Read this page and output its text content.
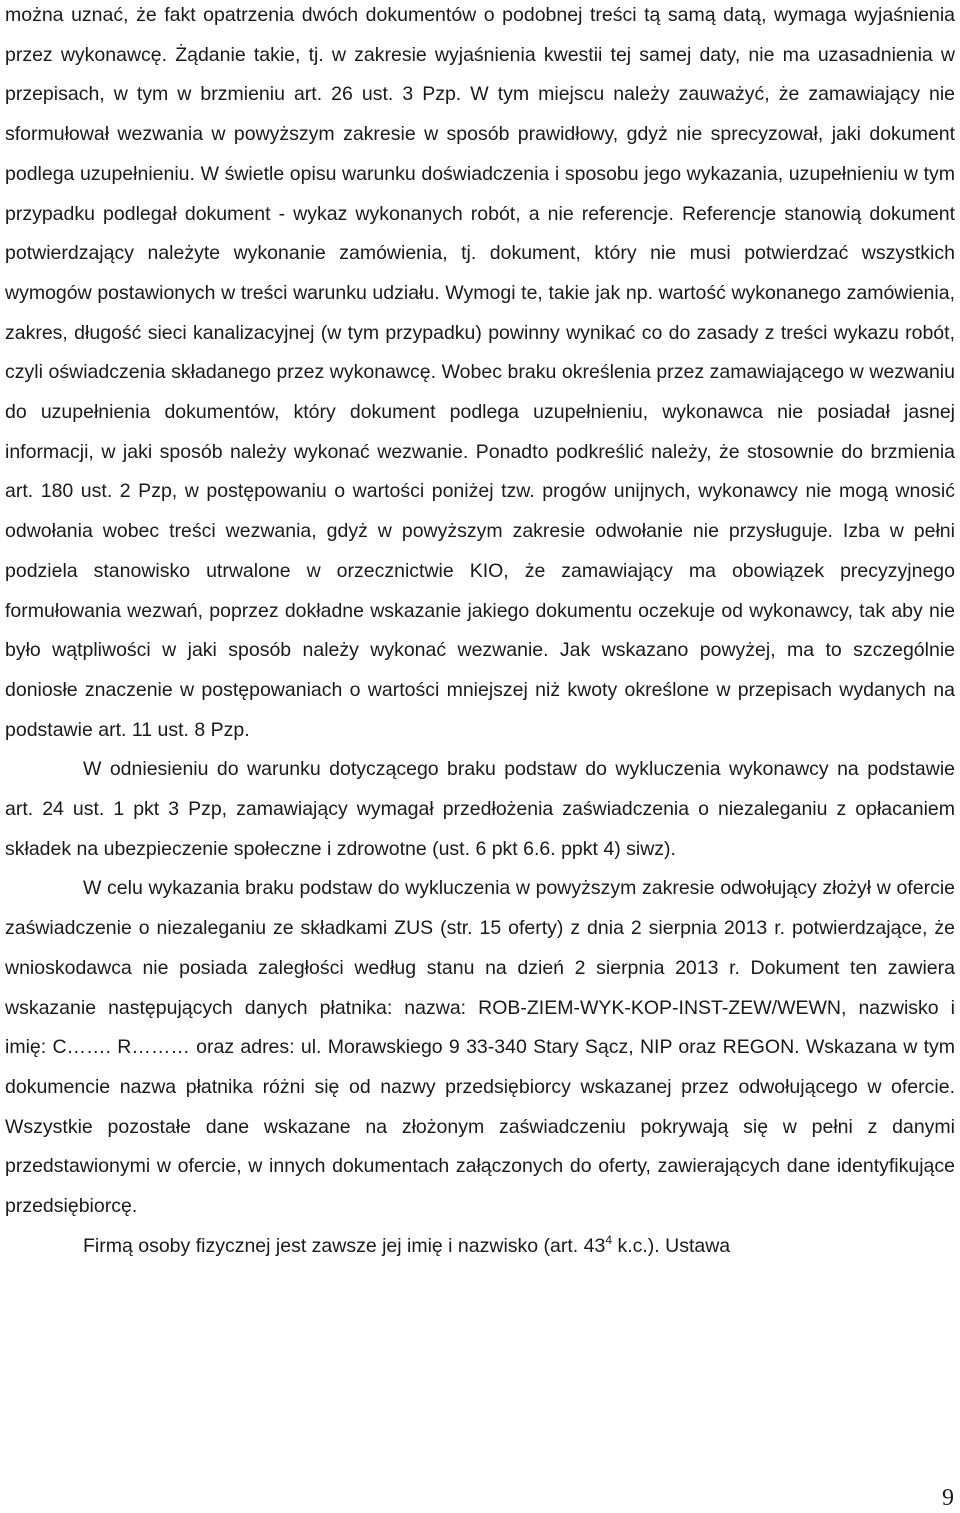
można uznać, że fakt opatrzenia dwóch dokumentów o podobnej treści tą samą datą, wymaga wyjaśnienia przez wykonawcę. Żądanie takie, tj. w zakresie wyjaśnienia kwestii tej samej daty, nie ma uzasadnienia w przepisach, w tym w brzmieniu art. 26 ust. 3 Pzp. W tym miejscu należy zauważyć, że zamawiający nie sformułował wezwania w powyższym zakresie w sposób prawidłowy, gdyż nie sprecyzował, jaki dokument podlega uzupełnieniu. W świetle opisu warunku doświadczenia i sposobu jego wykazania, uzupełnieniu w tym przypadku podlegał dokument - wykaz wykonanych robót, a nie referencje. Referencje stanowią dokument potwierdzający należyte wykonanie zamówienia, tj. dokument, który nie musi potwierdzać wszystkich wymogów postawionych w treści warunku udziału. Wymogi te, takie jak np. wartość wykonanego zamówienia, zakres, długość sieci kanalizacyjnej (w tym przypadku) powinny wynikać co do zasady z treści wykazu robót, czyli oświadczenia składanego przez wykonawcę. Wobec braku określenia przez zamawiającego w wezwaniu do uzupełnienia dokumentów, który dokument podlega uzupełnieniu, wykonawca nie posiadał jasnej informacji, w jaki sposób należy wykonać wezwanie. Ponadto podkreślić należy, że stosownie do brzmienia art. 180 ust. 2 Pzp, w postępowaniu o wartości poniżej tzw. progów unijnych, wykonawcy nie mogą wnosić odwołania wobec treści wezwania, gdyż w powyższym zakresie odwołanie nie przysługuje. Izba w pełni podziela stanowisko utrwalone w orzecznictwie KIO, że zamawiający ma obowiązek precyzyjnego formułowania wezwań, poprzez dokładne wskazanie jakiego dokumentu oczekuje od wykonawcy, tak aby nie było wątpliwości w jaki sposób należy wykonać wezwanie. Jak wskazano powyżej, ma to szczególnie doniosłe znaczenie w postępowaniach o wartości mniejszej niż kwoty określone w przepisach wydanych na podstawie art. 11 ust. 8 Pzp.

W odniesieniu do warunku dotyczącego braku podstaw do wykluczenia wykonawcy na podstawie art. 24 ust. 1 pkt 3 Pzp, zamawiający wymagał przedłożenia zaświadczenia o niezaleganiu z opłacaniem składek na ubezpieczenie społeczne i zdrowotne (ust. 6 pkt 6.6. ppkt 4) siwz).

W celu wykazania braku podstaw do wykluczenia w powyższym zakresie odwołujący złożył w ofercie zaświadczenie o niezaleganiu ze składkami ZUS (str. 15 oferty) z dnia 2 sierpnia 2013 r. potwierdzające, że wnioskodawca nie posiada zaległości według stanu na dzień 2 sierpnia 2013 r. Dokument ten zawiera wskazanie następujących danych płatnika: nazwa: ROB-ZIEM-WYK-KOP-INST-ZEW/WEWN, nazwisko i imię: C……. R……… oraz adres: ul. Morawskiego 9 33-340 Stary Sącz, NIP oraz REGON. Wskazana w tym dokumencie nazwa płatnika różni się od nazwy przedsiębiorcy wskazanej przez odwołującego w ofercie. Wszystkie pozostałe dane wskazane na złożonym zaświadczeniu pokrywają się w pełni z danymi przedstawionymi w ofercie, w innych dokumentach załączonych do oferty, zawierających dane identyfikujące przedsiębiorcę.

Firmą osoby fizycznej jest zawsze jej imię i nazwisko (art. $43^4$ k.c.). Ustawa

9
